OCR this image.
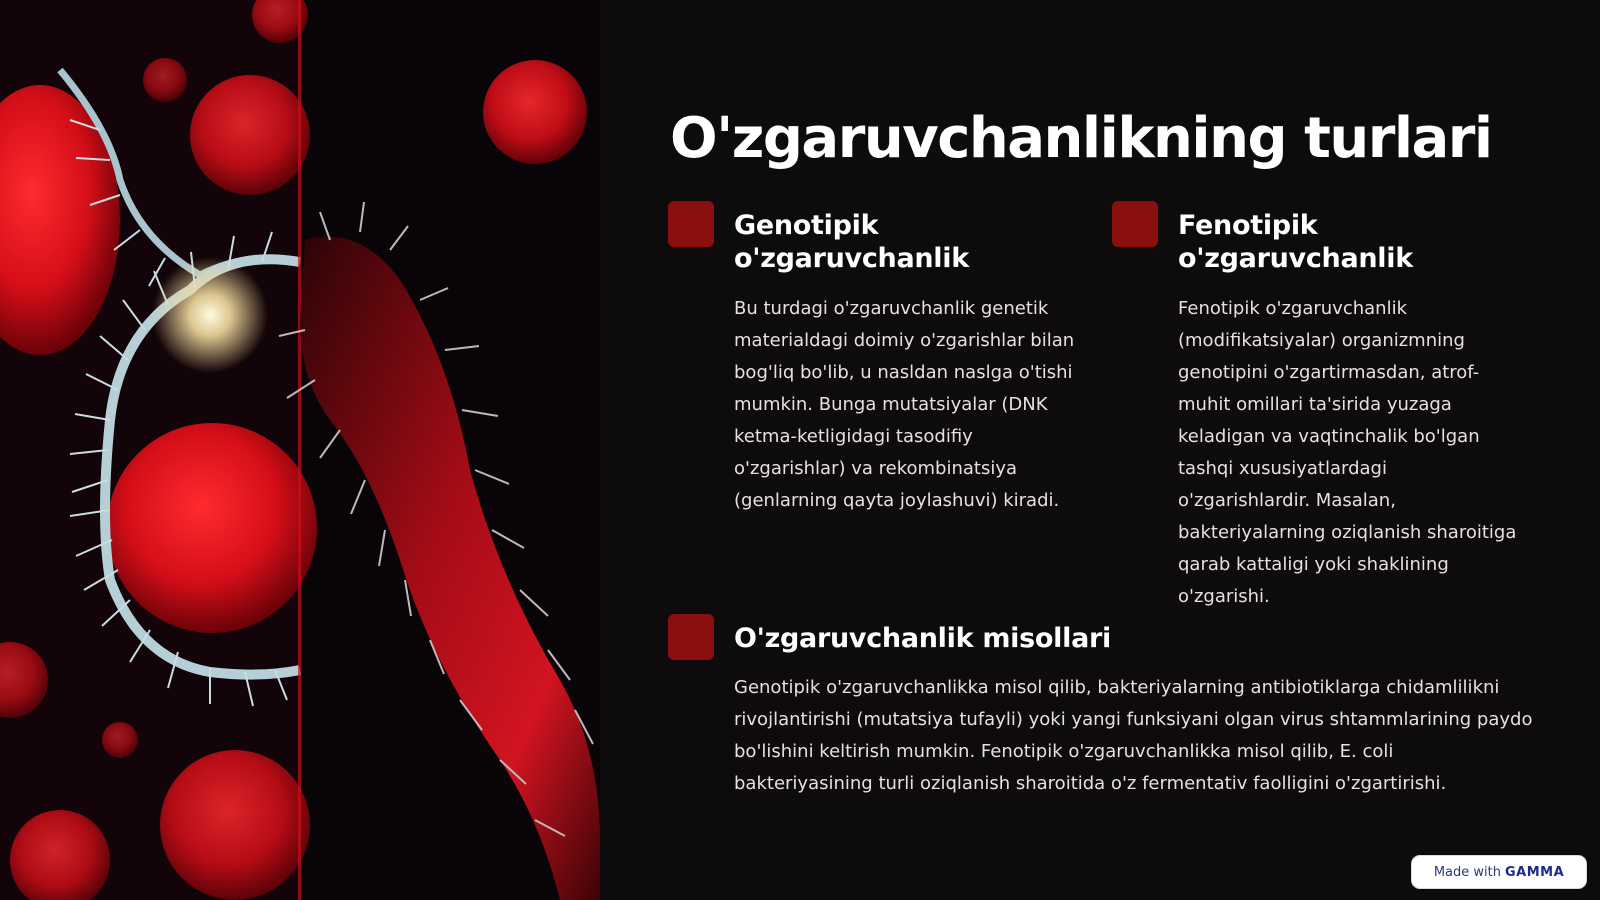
O'zgaruvchanlikning turlari
Genotipik o'zgaruvchanlik

Bu turdagi o'zgaruvchanlik genetik materialdagi doimiy o'zgarishlar bilan bog'liq bo'lib, u nasldan naslga o'tishi mumkin. Bunga mutatsiyalar (DNK ketma-ketligidagi tasodifiy o'zgarishlar) va rekombinatsiya (genlarning qayta joylashuvi) kiradi.

Fenotipik o'zgaruvchanlik

Fenotipik o'zgaruvchanlik (modifikatsiyalar) organizmning genotipini o'zgartirmasdan, atrof-muhit omillari ta'sirida yuzaga keladigan va vaqtinchalik bo'lgan tashqi xususiyatlardagi o'zgarishlardir. Masalan, bakteriyalarning oziqlanish sharoitiga qarab kattaligi yoki shaklining o'zgarishi.

O'zgaruvchanlik misollari

Genotipik o'zgaruvchanlikka misol qilib, bakteriyalarning antibiotiklarga chidamlilikni rivojlantirishi (mutatsiya tufayli) yoki yangi funksiyani olgan virus shtammlarining paydo bo'lishini keltirish mumkin. Fenotipik o'zgaruvchanlikka misol qilib, E. coli bakteriyasining turli oziqlanish sharoitida o'z fermentativ faolligini o'zgartirishi.

Made with GAMMA
